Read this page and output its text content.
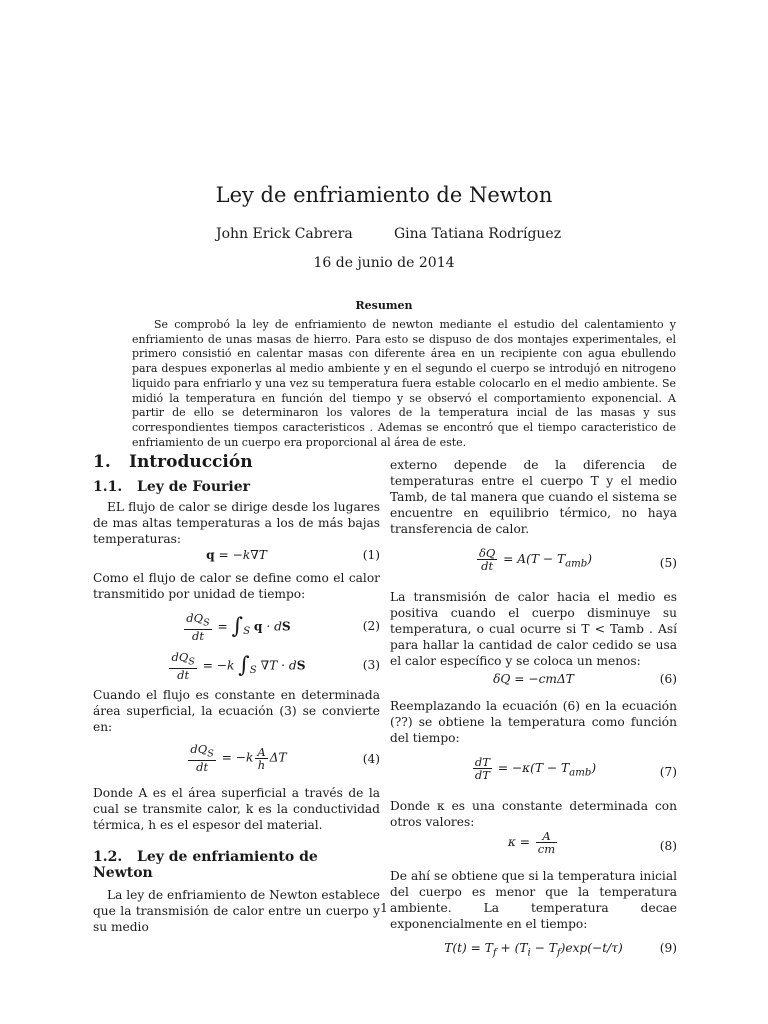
Ley de enfriamiento de Newton
John Erick Cabrera	Gina Tatiana Rodríguez
16 de junio de 2014
Resumen

Se comprobó la ley de enfriamiento de newton mediante el estudio del calentamiento y enfriamiento de unas masas de hierro. Para esto se dispuso de dos montajes experimentales, el primero consistió en calentar masas con diferente área en un recipiente con agua ebullendo para despues exponerlas al medio ambiente y en el segundo el cuerpo se introdujó en nitrogeno liquido para enfriarlo y una vez su temperatura fuera estable colocarlo en el medio ambiente. Se midió la temperatura en función del tiempo y se observó el comportamiento exponencial. A partir de ello se determinaron los valores de la temperatura incial de las masas y sus correspondientes tiempos caracteristicos . Ademas se encontró que el tiempo caracteristico de enfriamiento de un cuerpo era proporcional al área de este.

1. Introducción
1.1. Ley de Fourier

EL flujo de calor se dirige desde los lugares de mas altas temperaturas a los de más bajas temperaturas:

q = −k∇T	(1)

Como el flujo de calor se define como el calor transmitido por unidad de tiempo:

$\frac{dQ_S}{dt} = \int_S$ q · dS	(2)
$\frac{dQ_S}{dt} = -k$ $\int_S$ ∇T · dS	(3)

Cuando el flujo es constante en determinada área superficial, la ecuación (3) se convierte en:

$\frac{dQ_S}{dt} = -k \frac{A}{h}$ ΔT	(4)

Donde A es el área superficial a través de la cual se transmite calor, k es la conductividad térmica, h es el espesor del material.

1.2. Ley de enfriamiento de Newton

La ley de enfriamiento de Newton establece que la transmisión de calor entre un cuerpo y su medio

externo depende de la diferencia de temperaturas entre el cuerpo T y el medio Tamb, de tal manera que cuando el sistema se encuentre en equilibrio térmico, no haya transferencia de calor.

$\frac{\delta Q}{dt} = A(T - T_{amb})$	(5)

La transmisión de calor hacia el medio es positiva cuando el cuerpo disminuye su temperatura, o cual ocurre si T < Tamb . Así para hallar la cantidad de calor cedido se usa el calor específico y se coloca un menos:

δQ = −cmΔT	(6)

Reemplazando la ecuación (6) en la ecuación (??) se obtiene la temperatura como función del tiempo:

$\frac{dT}{dT} = -\kappa(T - T_{amb})$	(7)

Donde κ es una constante determinada con otros valores:

$\kappa = \frac{A}{cm}$	(8)

De ahí se obtiene que si la temperatura inicial del cuerpo es menor que la temperatura ambiente. La temperatura decae exponencialmente en el tiempo:

$T(t) = T_f + (T_i - T_f)\exp(-t/\tau)$	(9)
1
